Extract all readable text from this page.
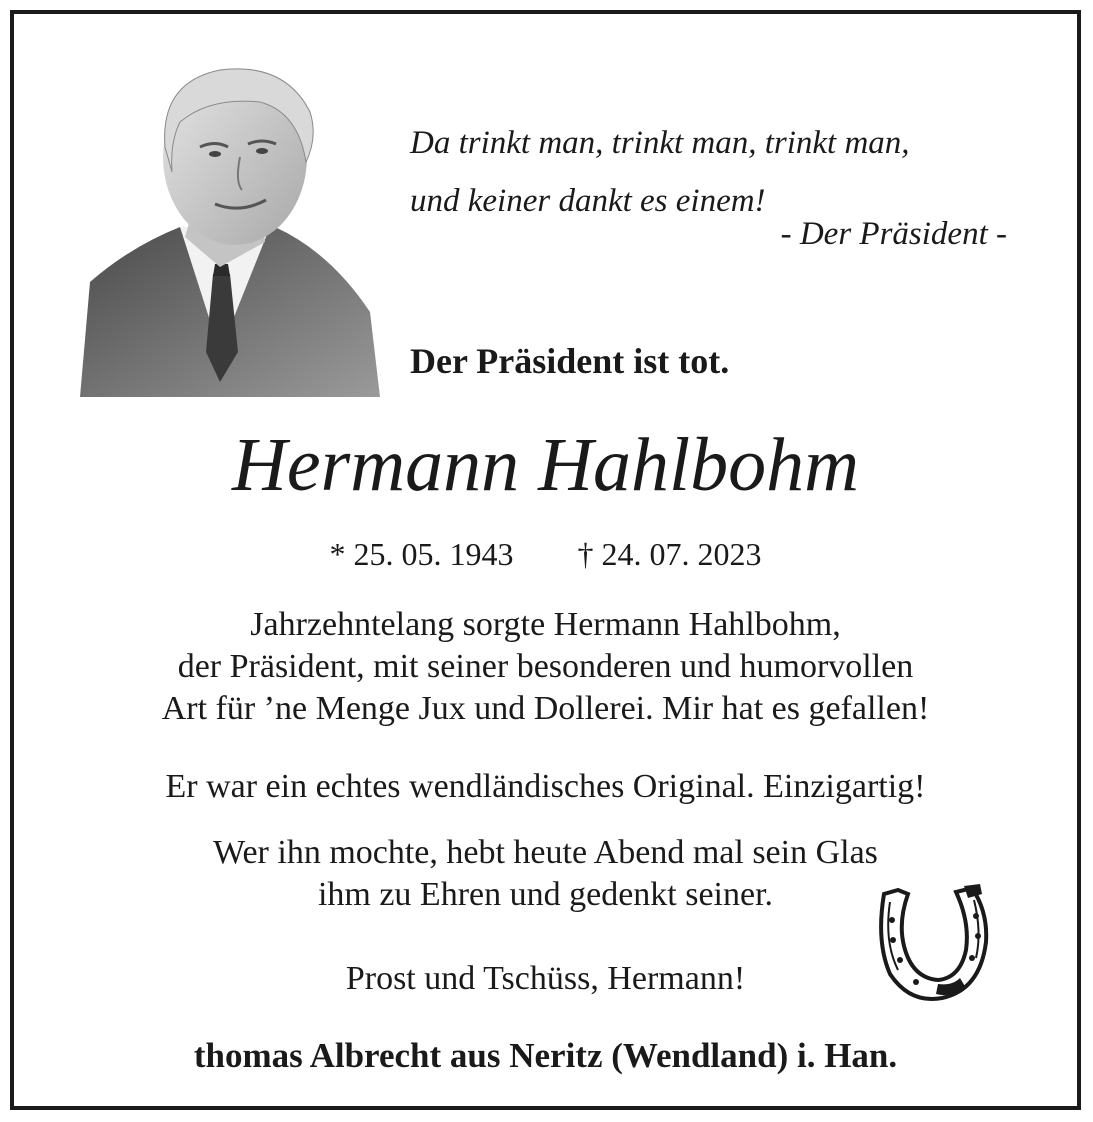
Da trinkt man, trinkt man, trinkt man,
und keiner dankt es einem!
- Der Präsident -
Der Präsident ist tot.
Hermann Hahlbohm
* 25. 05. 1943 † 24. 07. 2023
Jahrzehntelang sorgte Hermann Hahlbohm,
der Präsident, mit seiner besonderen und humorvollen
Art für ’ne Menge Jux und Dollerei. Mir hat es gefallen!
Er war ein echtes wendländisches Original. Einzigartig!
Wer ihn mochte, hebt heute Abend mal sein Glas
ihm zu Ehren und gedenkt seiner.
Prost und Tschüss, Hermann!
thomas Albrecht aus Neritz (Wendland) i. Han.
